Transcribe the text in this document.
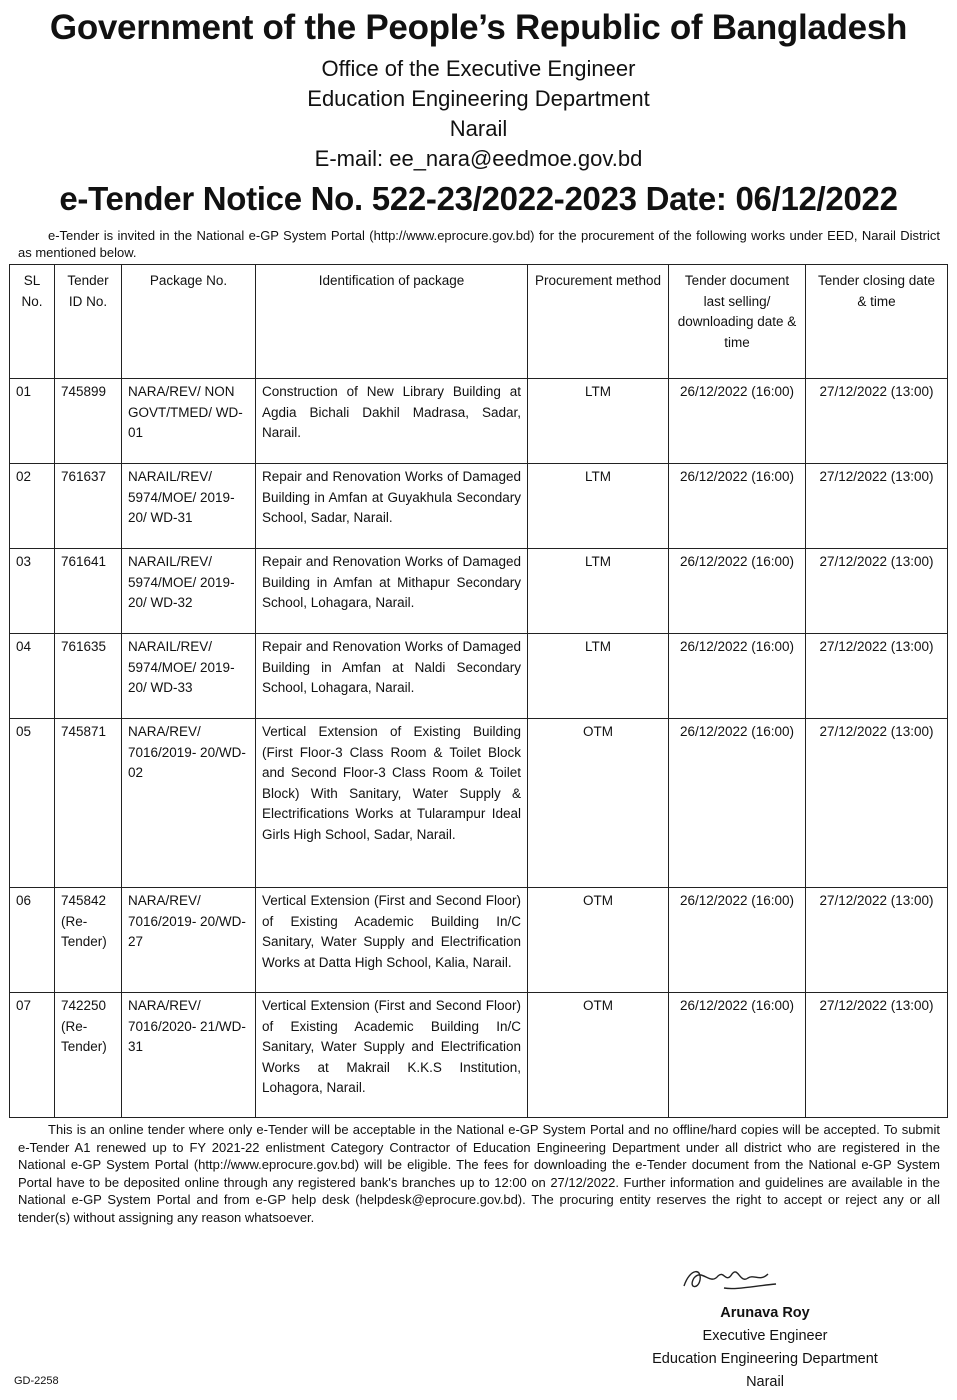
Government of the People’s Republic of Bangladesh
Office of the Executive Engineer
Education Engineering Department
Narail
E-mail: ee_nara@eedmoe.gov.bd
e-Tender Notice No. 522-23/2022-2023 Date: 06/12/2022
e-Tender is invited in the National e-GP System Portal (http://www.eprocure.gov.bd) for the procurement of the following works under EED, Narail District as mentioned below.
SL No.	Tender ID No.	Package No.	Identification of package	Procurement method	Tender document last selling/ downloading date & time	Tender closing date & time
01	745899	NARA/REV/ NON GOVT/TMED/ WD-01	Construction of New Library Building at Agdia Bichali Dakhil Madrasa, Sadar, Narail.	LTM	26/12/2022 (16:00)	27/12/2022 (13:00)
02	761637	NARAIL/REV/ 5974/MOE/ 2019-20/ WD-31	Repair and Renovation Works of Damaged Building in Amfan at Guyakhula Secondary School, Sadar, Narail.	LTM	26/12/2022 (16:00)	27/12/2022 (13:00)
03	761641	NARAIL/REV/ 5974/MOE/ 2019-20/ WD-32	Repair and Renovation Works of Damaged Building in Amfan at Mithapur Secondary School, Lohagara, Narail.	LTM	26/12/2022 (16:00)	27/12/2022 (13:00)
04	761635	NARAIL/REV/ 5974/MOE/ 2019-20/ WD-33	Repair and Renovation Works of Damaged Building in Amfan at Naldi Secondary School, Lohagara, Narail.	LTM	26/12/2022 (16:00)	27/12/2022 (13:00)
05	745871	NARA/REV/ 7016/2019- 20/WD-02	Vertical Extension of Existing Building (First Floor-3 Class Room & Toilet Block and Second Floor-3 Class Room & Toilet Block) With Sanitary, Water Supply & Electrifications Works at Tularampur Ideal Girls High School, Sadar, Narail.	OTM	26/12/2022 (16:00)	27/12/2022 (13:00)
06	745842 (Re-Tender)	NARA/REV/ 7016/2019- 20/WD-27	Vertical Extension (First and Second Floor) of Existing Academic Building In/C Sanitary, Water Supply and Electrification Works at Datta High School, Kalia, Narail.	OTM	26/12/2022 (16:00)	27/12/2022 (13:00)
07	742250 (Re-Tender)	NARA/REV/ 7016/2020- 21/WD-31	Vertical Extension (First and Second Floor) of Existing Academic Building In/C Sanitary, Water Supply and Electrification Works at Makrail K.K.S Institution, Lohagora, Narail.	OTM	26/12/2022 (16:00)	27/12/2022 (13:00)
This is an online tender where only e-Tender will be acceptable in the National e-GP System Portal and no offline/hard copies will be accepted. To submit e-Tender A1 renewed up to FY 2021-22 enlistment Category Contractor of Education Engineering Department under all district who are registered in the National e-GP System Portal (http://www.eprocure.gov.bd) will be eligible. The fees for downloading the e-Tender document from the National e-GP System Portal have to be deposited online through any registered bank's branches up to 12:00 on 27/12/2022. Further information and guidelines are available in the National e-GP System Portal and from e-GP help desk (helpdesk@eprocure.gov.bd). The procuring entity reserves the right to accept or reject any or all tender(s) without assigning any reason whatsoever.
Arunava Roy
Executive Engineer
Education Engineering Department
Narail
GD-2258
